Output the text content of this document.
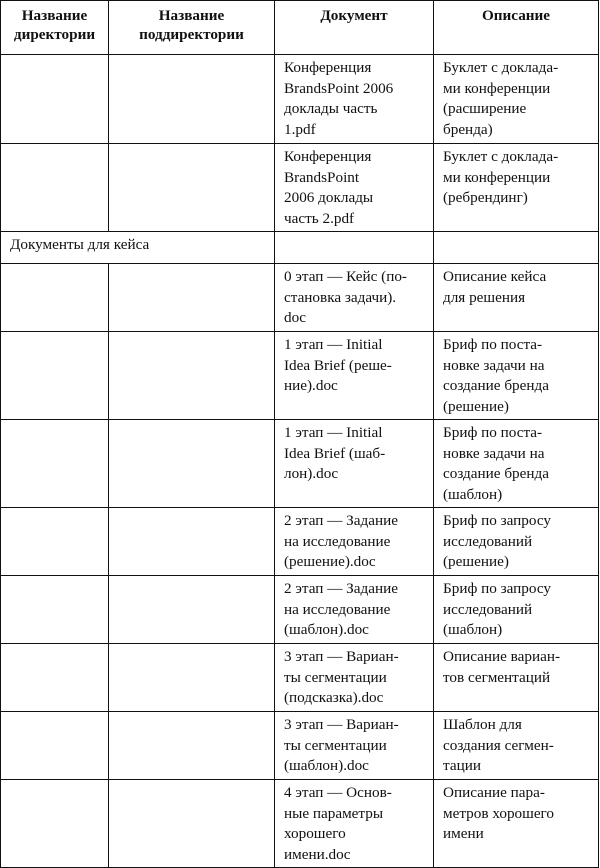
Название
директории	Название
поддиректории	Документ	Описание

		Конференция
BrandsPoint 2006
доклады часть
1.pdf	Буклет с доклада-
ми конференции
(расширение
бренда)

		Конференция
BrandsPoint
2006 доклады
часть 2.pdf	Буклет с доклада-
ми конференции
(ребрендинг)

Документы для кейса			

		0 этап — Кейс (по-
становка задачи).
doc	Описание кейса
для решения

		1 этап — Initial
Idea Brief (реше-
ние).doc	Бриф по поста-
новке задачи на
создание бренда
(решение)

		1 этап — Initial
Idea Brief (шаб-
лон).doc	Бриф по поста-
новке задачи на
создание бренда
(шаблон)

		2 этап — Задание
на исследование
(решение).doc	Бриф по запросу
исследований
(решение)

		2 этап — Задание
на исследование
(шаблон).doc	Бриф по запросу
исследований
(шаблон)

		3 этап — Вариан-
ты сегментации
(подсказка).doc	Описание вариан-
тов сегментаций

		3 этап — Вариан-
ты сегментации
(шаблон).doc	Шаблон для
создания сегмен-
тации

		4 этап — Основ-
ные параметры
хорошего
имени.doc	Описание пара-
метров хорошего
имени
